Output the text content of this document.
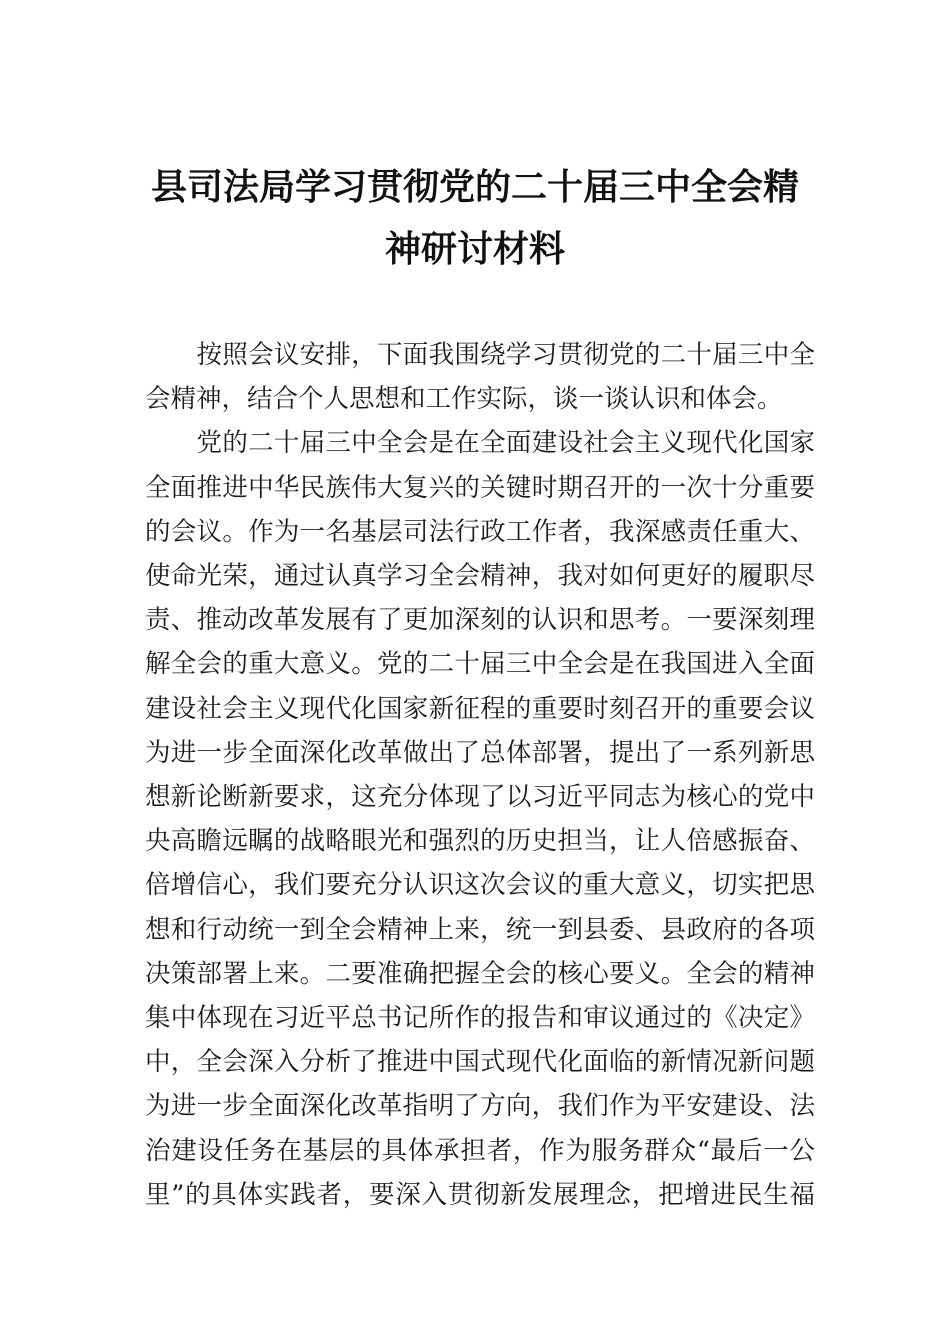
县司法局学习贯彻党的二十届三中全会精
神研讨材料
　　按照会议安排，下面我围绕学习贯彻党的二十届三中全
会精神，结合个人思想和工作实际，谈一谈认识和体会。
　　党的二十届三中全会是在全面建设社会主义现代化国家
全面推进中华民族伟大复兴的关键时期召开的一次十分重要
的会议。作为一名基层司法行政工作者，我深感责任重大、
使命光荣，通过认真学习全会精神，我对如何更好的履职尽
责、推动改革发展有了更加深刻的认识和思考。一要深刻理
解全会的重大意义。党的二十届三中全会是在我国进入全面
建设社会主义现代化国家新征程的重要时刻召开的重要会议
为进一步全面深化改革做出了总体部署，提出了一系列新思
想新论断新要求，这充分体现了以习近平同志为核心的党中
央高瞻远瞩的战略眼光和强烈的历史担当，让人倍感振奋、
倍增信心，我们要充分认识这次会议的重大意义，切实把思
想和行动统一到全会精神上来，统一到县委、县政府的各项
决策部署上来。二要准确把握全会的核心要义。全会的精神
集中体现在习近平总书记所作的报告和审议通过的《决定》
中，全会深入分析了推进中国式现代化面临的新情况新问题
为进一步全面深化改革指明了方向，我们作为平安建设、法
治建设任务在基层的具体承担者，作为服务群众“最后一公
里”的具体实践者，要深入贯彻新发展理念，把增进民生福
